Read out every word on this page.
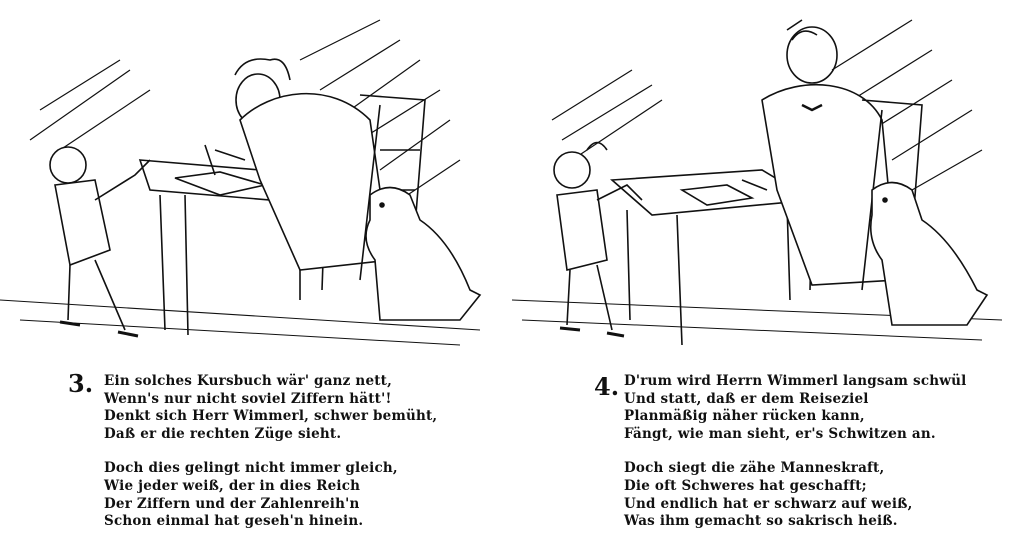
3. Ein solches Kursbuch wär' ganz nett,
Wenn's nur nicht soviel Ziffern hätt'!
Denkt sich Herr Wimmerl, schwer bemüht,
Daß er die rechten Züge sieht.
Doch dies gelingt nicht immer gleich,
Wie jeder weiß, der in dies Reich
Der Ziffern und der Zahlenreih'n
Schon einmal hat geseh'n hinein.
4. D'rum wird Herrn Wimmerl langsam schwül
Und statt, daß er dem Reiseziel
Planmäßig näher rücken kann,
Fängt, wie man sieht, er's Schwitzen an.
Doch siegt die zähe Manneskraft,
Die oft Schweres hat geschafft;
Und endlich hat er schwarz auf weiß,
Was ihm gemacht so sakrisch heiß.
